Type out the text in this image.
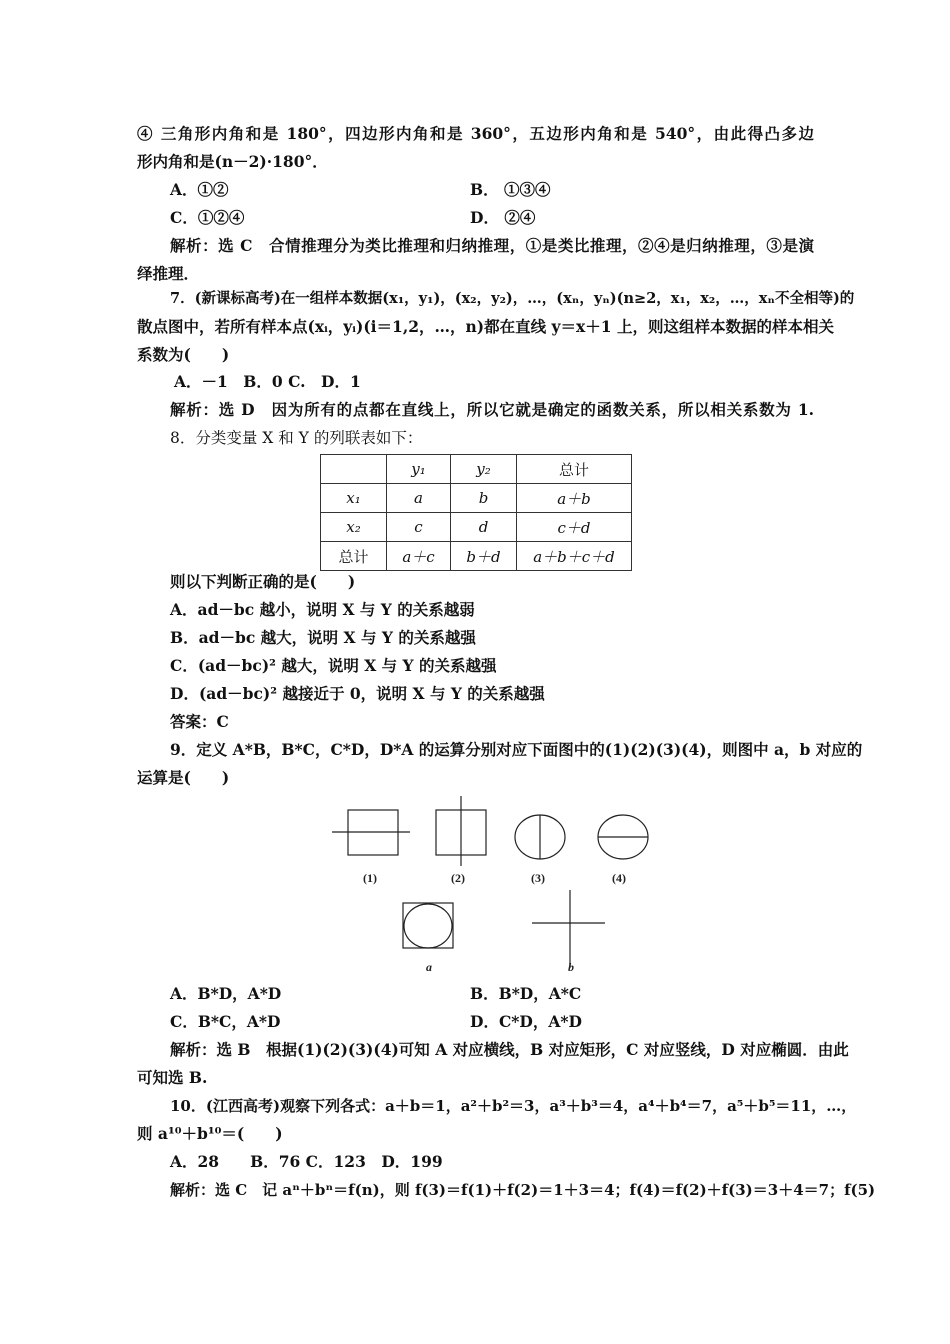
④ 三角形内角和是 180°，四边形内角和是 360°，五边形内角和是 540°，由此得凸多边
形内角和是(n－2)·180°．
A．①②	B． ①③④
C．①②④	D． ②④
解析：选 C　合情推理分为类比推理和归纳推理，①是类比推理，②④是归纳推理，③是演
绎推理．
7．(新课标高考)在一组样本数据(x₁，y₁)，(x₂，y₂)，…，(xₙ，yₙ)(n≥2，x₁，x₂，…，xₙ不全相等)的
散点图中，若所有样本点(xᵢ，yᵢ)(i＝1,2，…，n)都在直线 y＝x＋1 上，则这组样本数据的样本相关
系数为(　　)
A．－1　B．0 C.　D．1
解析：选 D　因为所有的点都在直线上，所以它就是确定的函数关系，所以相关系数为 1.
8．分类变量 X 和 Y 的列联表如下：
	y₁	y₂	总计
x₁	a	b	a＋b
x₂	c	d	c＋d
总计	a＋c	b＋d	a＋b＋c＋d
则以下判断正确的是(　　)
A．ad－bc 越小，说明 X 与 Y 的关系越弱
B．ad－bc 越大，说明 X 与 Y 的关系越强
C．(ad－bc)² 越大，说明 X 与 Y 的关系越强
D．(ad－bc)² 越接近于 0，说明 X 与 Y 的关系越强
答案：C
9．定义 A*B，B*C，C*D，D*A 的运算分别对应下面图中的(1)(2)(3)(4)，则图中 a，b 对应的
运算是(　　)
(1)	(2)	(3)	(4)
a	b
A．B*D，A*D	B．B*D，A*C
C．B*C，A*D	D．C*D，A*D
解析：选 B　根据(1)(2)(3)(4)可知 A 对应横线，B 对应矩形，C 对应竖线，D 对应椭圆．由此
可知选 B.
10．(江西高考)观察下列各式：a＋b＝1，a²＋b²＝3，a³＋b³＝4，a⁴＋b⁴＝7，a⁵＋b⁵＝11，…，
则 a¹⁰＋b¹⁰＝(　　)
A．28　　B．76 C．123　D．199
解析：选 C　记 aⁿ＋bⁿ＝f(n)，则 f(3)＝f(1)＋f(2)＝1＋3＝4；f(4)＝f(2)＋f(3)＝3＋4＝7；f(5)
